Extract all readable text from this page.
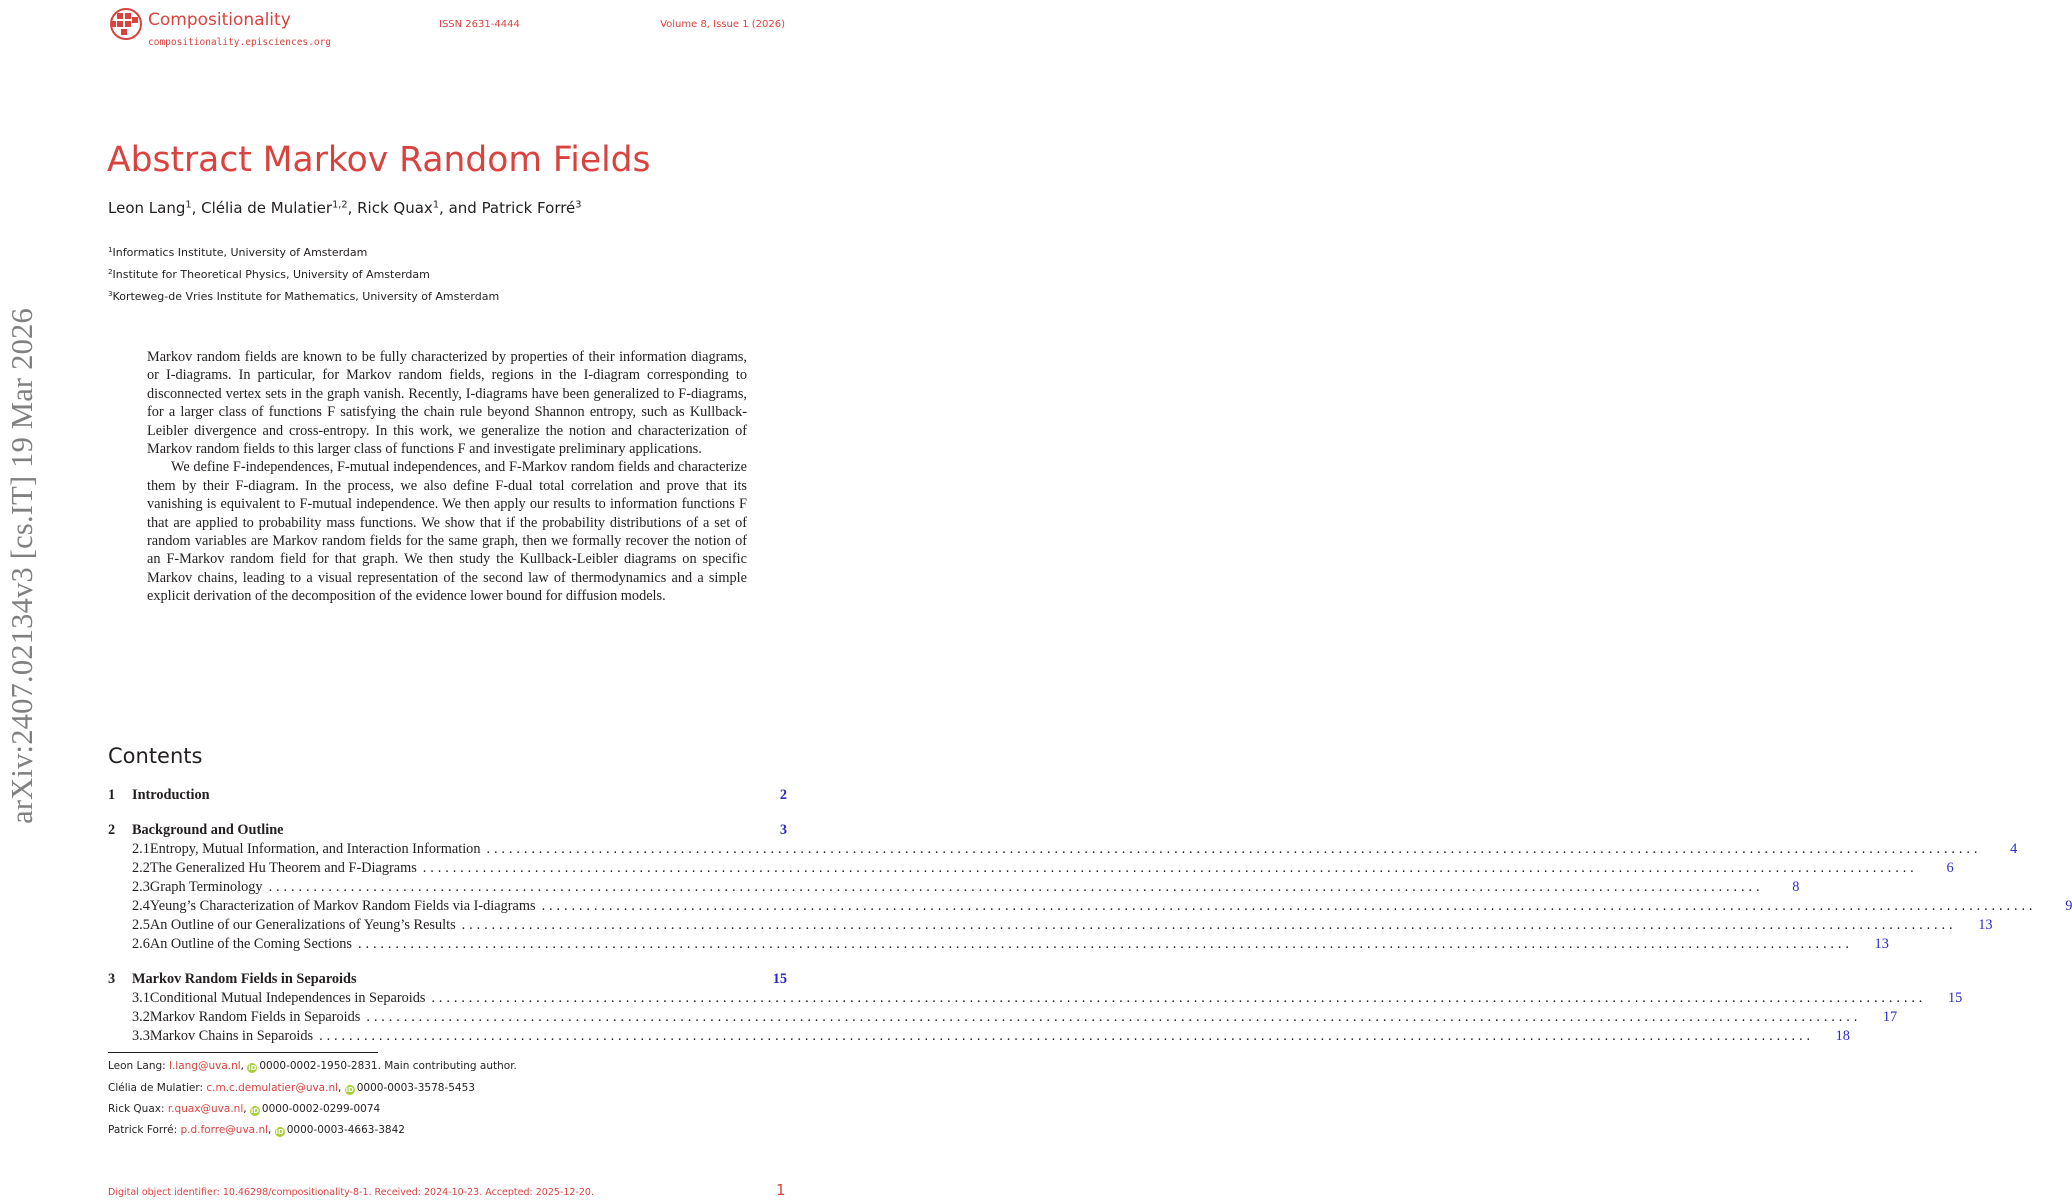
Compositionality
compositionality.episciences.org
ISSN 2631-4444	Volume 8, Issue 1 (2026)
arXiv:2407.02134v3 [cs.IT] 19 Mar 2026
Abstract Markov Random Fields
Leon Lang$^1$, Clélia de Mulatier$^{1,2}$, Rick Quax$^1$, and Patrick Forré$^3$
$^1$Informatics Institute, University of Amsterdam
$^2$Institute for Theoretical Physics, University of Amsterdam
$^3$Korteweg-de Vries Institute for Mathematics, University of Amsterdam

Markov random fields are known to be fully characterized by properties of their information diagrams, or I-diagrams. In particular, for Markov random fields, regions in the I-diagram corresponding to disconnected vertex sets in the graph vanish. Recently, I-diagrams have been generalized to F-diagrams, for a larger class of functions F satisfying the chain rule beyond Shannon entropy, such as Kullback-Leibler divergence and cross-entropy. In this work, we generalize the notion and characterization of Markov random fields to this larger class of functions F and investigate preliminary applications.

We define F-independences, F-mutual independences, and F-Markov random fields and characterize them by their F-diagram. In the process, we also define F-dual total correlation and prove that its vanishing is equivalent to F-mutual independence. We then apply our results to information functions F that are applied to probability mass functions. We show that if the probability distributions of a set of random variables are Markov random fields for the same graph, then we formally recover the notion of an F-Markov random field for that graph. We then study the Kullback-Leibler diagrams on specific Markov chains, leading to a visual representation of the second law of thermodynamics and a simple explicit derivation of the decomposition of the evidence lower bound for diffusion models.

Contents
1	Introduction	2
2	Background and Outline	3
2.1 Entropy, Mutual Information, and Interaction Information ........................................................................................................................................................................................................	4
2.2 The Generalized Hu Theorem and F-Diagrams ........................................................................................................................................................................................................	6
2.3 Graph Terminology ........................................................................................................................................................................................................	8
2.4 Yeung’s Characterization of Markov Random Fields via I-diagrams ........................................................................................................................................................................................................	9
2.5 An Outline of our Generalizations of Yeung’s Results ........................................................................................................................................................................................................	13
2.6 An Outline of the Coming Sections ........................................................................................................................................................................................................	13
3	Markov Random Fields in Separoids	15
3.1 Conditional Mutual Independences in Separoids ........................................................................................................................................................................................................	15
3.2 Markov Random Fields in Separoids ........................................................................................................................................................................................................	17
3.3 Markov Chains in Separoids ........................................................................................................................................................................................................	18
Leon Lang: l.lang@uva.nl, iD 0000-0002-1950-2831. Main contributing author.
Clélia de Mulatier: c.m.c.demulatier@uva.nl, iD 0000-0003-3578-5453
Rick Quax: r.quax@uva.nl, iD 0000-0002-0299-0074
Patrick Forré: p.d.forre@uva.nl, iD 0000-0003-4663-3842
Digital object identifier: 10.46298/compositionality-8-1. Received: 2024-10-23. Accepted: 2025-12-20.	1
